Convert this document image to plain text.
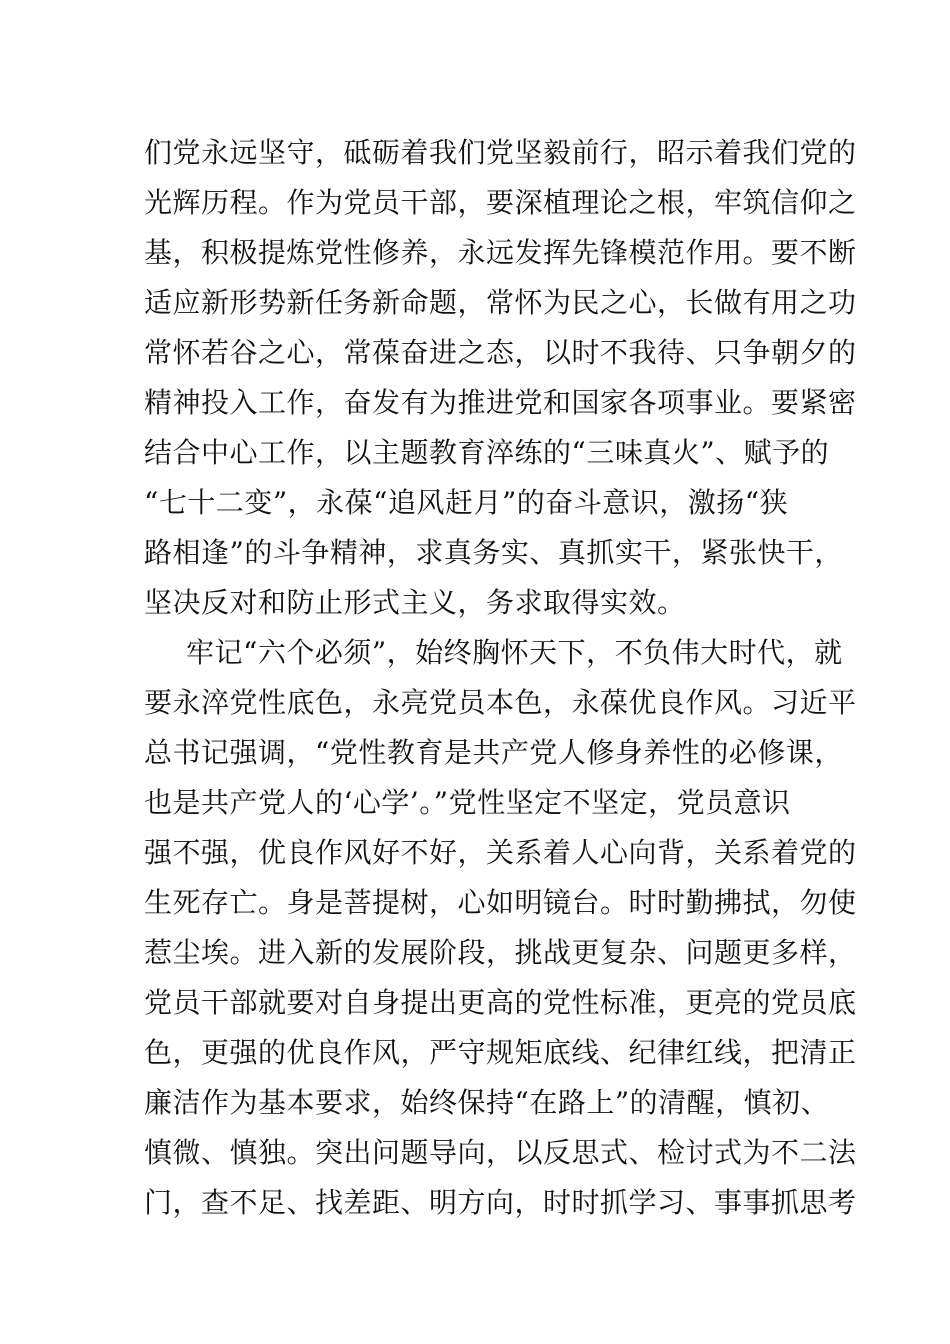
们党永远坚守，砥砺着我们党坚毅前行，昭示着我们党的
光辉历程。作为党员干部，要深植理论之根，牢筑信仰之
基，积极提炼党性修养，永远发挥先锋模范作用。要不断
适应新形势新任务新命题，常怀为民之心，长做有用之功
常怀若谷之心，常葆奋进之态，以时不我待、只争朝夕的
精神投入工作，奋发有为推进党和国家各项事业。要紧密
结合中心工作，以主题教育淬练的“三味真火”、赋予的
“七十二变”，永葆“追风赶月”的奋斗意识，激扬“狭
路相逢”的斗争精神，求真务实、真抓实干，紧张快干，
坚决反对和防止形式主义，务求取得实效。
牢记“六个必须”，始终胸怀天下，不负伟大时代，就
要永淬党性底色，永亮党员本色，永葆优良作风。习近平
总书记强调，“党性教育是共产党人修身养性的必修课，
也是共产党人的‘心学’。”党性坚定不坚定，党员意识
强不强，优良作风好不好，关系着人心向背，关系着党的
生死存亡。身是菩提树，心如明镜台。时时勤拂拭，勿使
惹尘埃。进入新的发展阶段，挑战更复杂、问题更多样，
党员干部就要对自身提出更高的党性标准，更亮的党员底
色，更强的优良作风，严守规矩底线、纪律红线，把清正
廉洁作为基本要求，始终保持“在路上”的清醒，慎初、
慎微、慎独。突出问题导向，以反思式、检讨式为不二法
门，查不足、找差距、明方向，时时抓学习、事事抓思考
